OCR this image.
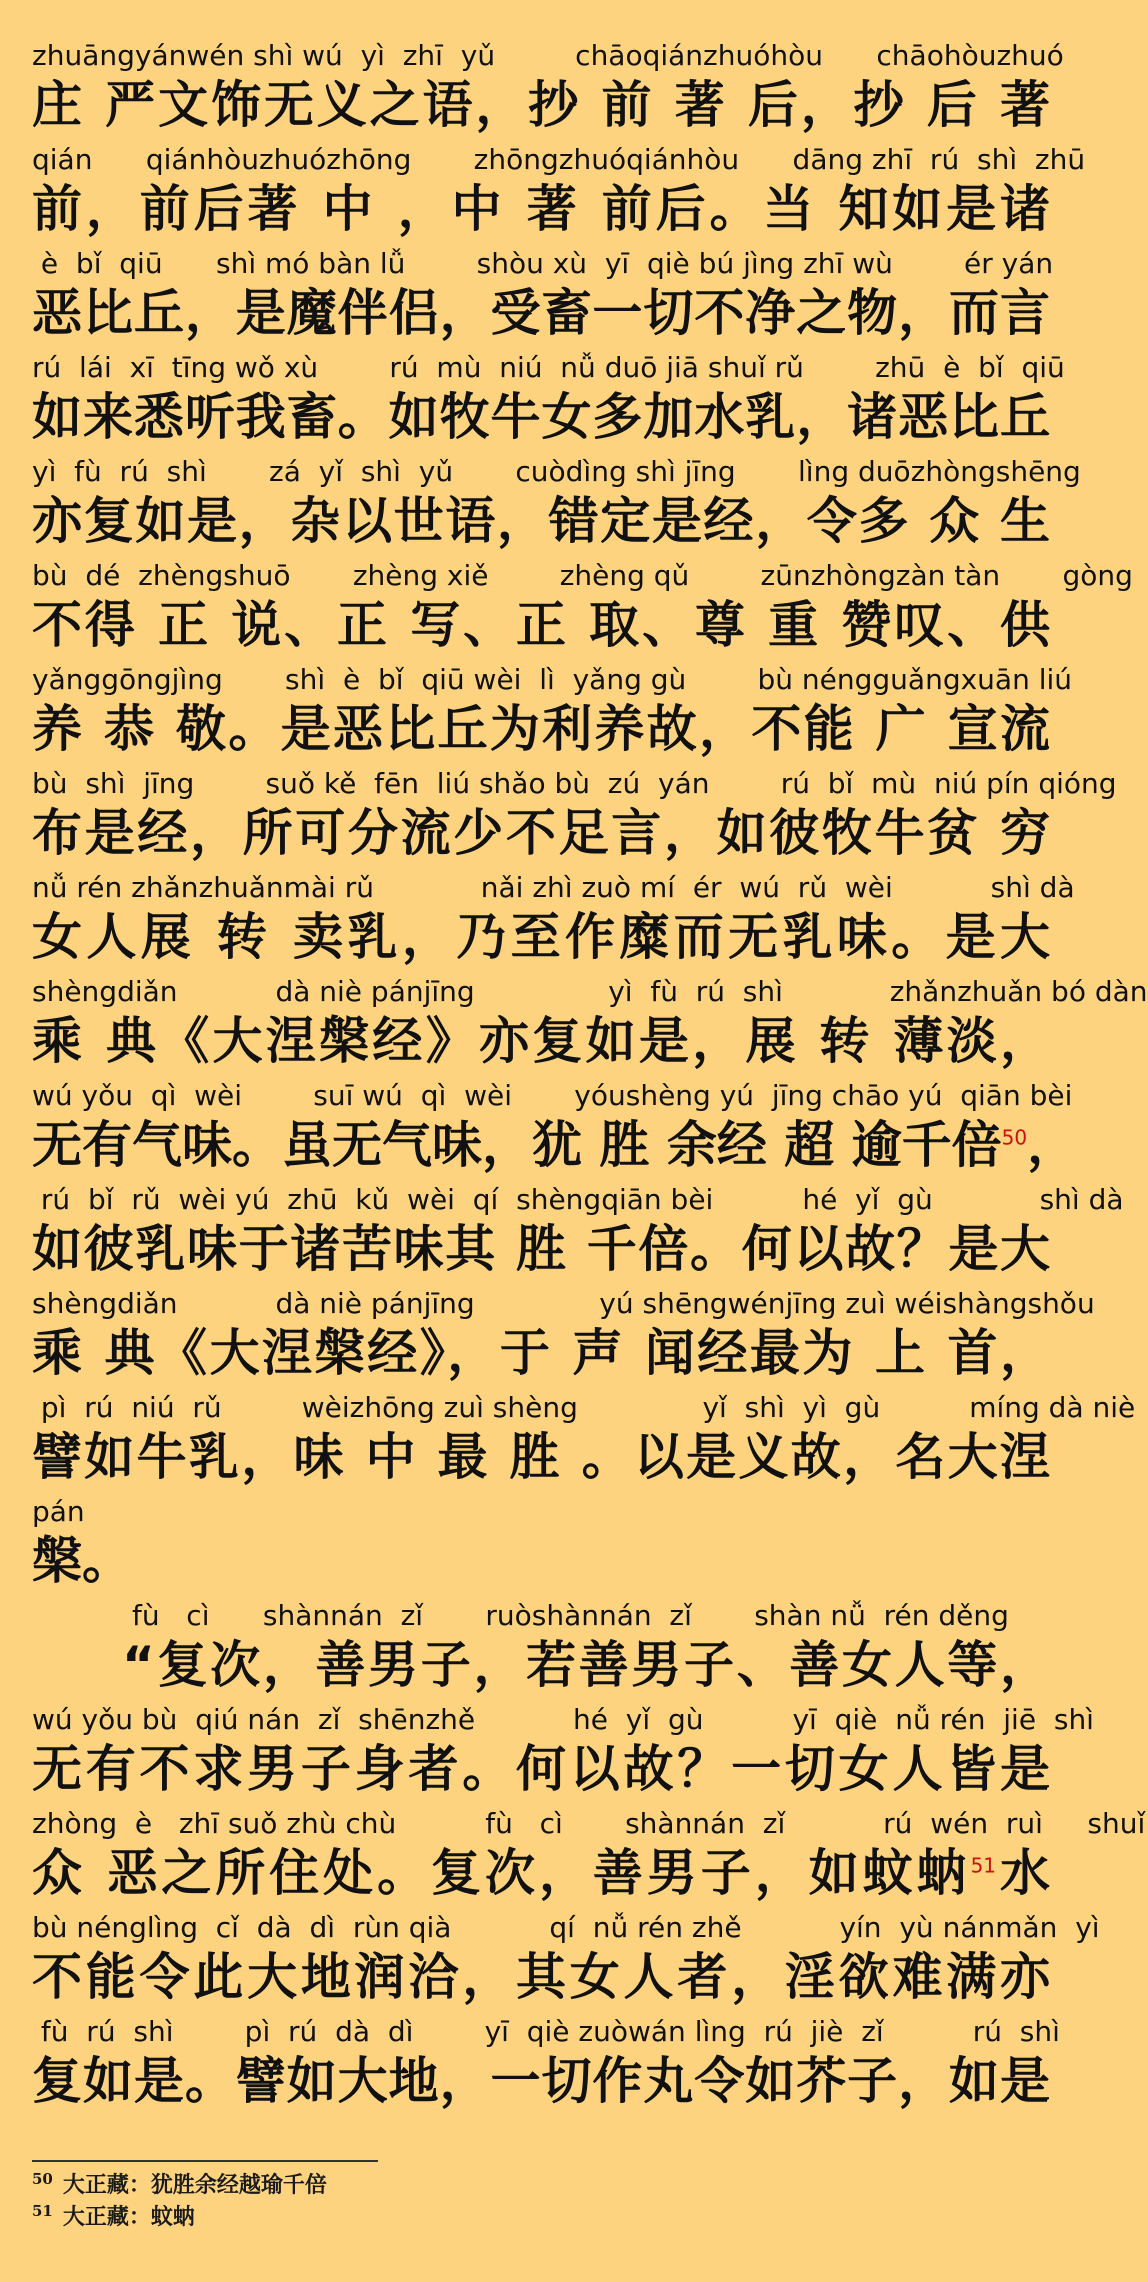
zhuāngyánwén shì wú  yì  zhī  yǔ         chāoqiánzhuóhòu      chāohòuzhuó
庄 严文饰无义之语，抄 前 著 后，抄 后 著
qián      qiánhòuzhuózhōng       zhōngzhuóqiánhòu      dāng zhī  rú  shì  zhū
前，前后著 中 ，中 著 前后。当 知如是诸
è  bǐ  qiū      shì mó bàn lǚ        shòu xù  yī  qiè bú jìng zhī wù        ér yán
恶比丘，是魔伴侣，受畜一切不净之物，而言
rú  lái  xī  tīng wǒ xù        rú  mù  niú  nǚ duō jiā shuǐ rǔ        zhū  è  bǐ  qiū
如来悉听我畜。如牧牛女多加水乳，诸恶比丘
yì  fù  rú  shì       zá  yǐ  shì  yǔ       cuòdìng shì jīng       lìng duōzhòngshēng
亦复如是，杂以世语，错定是经，令多 众 生
bù  dé  zhèngshuō       zhèng xiě        zhèng qǔ        zūnzhòngzàn tàn       gòng
不得 正 说、正 写、正 取、尊 重 赞叹、供
yǎnggōngjìng       shì  è  bǐ  qiū wèi  lì  yǎng gù        bù néngguǎngxuān liú
养 恭 敬。是恶比丘为利养故，不能 广 宣流
bù  shì  jīng        suǒ kě  fēn  liú shǎo bù  zú  yán        rú  bǐ  mù  niú pín qióng
布是经，所可分流少不足言，如彼牧牛贫 穷
nǚ rén zhǎnzhuǎnmài rǔ            nǎi zhì zuò mí  ér  wú  rǔ  wèi           shì dà
女人展 转 卖乳，乃至作糜而无乳味。是大
shèngdiǎn           dà niè pánjīng               yì  fù  rú  shì            zhǎnzhuǎn bó dàn
乘 典《大涅槃经》亦复如是，展 转 薄淡，
wú yǒu  qì  wèi        suī wú  qì  wèi       yóushèng yú  jīng chāo yú  qiān bèi
无有气味。虽无气味，犹 胜 余经 超 逾千倍$^{50}$，
rú  bǐ  rǔ  wèi yú  zhū  kǔ  wèi  qí  shèngqiān bèi          hé  yǐ  gù            shì dà
如彼乳味于诸苦味其 胜 千倍。何以故？是大
shèngdiǎn           dà niè pánjīng              yú shēngwénjīng zuì wéishàngshǒu
乘 典《大涅槃经》，于 声 闻经最为 上 首，
pì  rú  niú  rǔ         wèizhōng zuì shèng              yǐ  shì  yì  gù          míng dà niè
譬如牛乳，味 中 最 胜 。以是义故，名大涅
pán
槃。
fù   cì      shànnán  zǐ       ruòshànnán  zǐ       shàn nǚ  rén děng
“复次，善男子，若善男子、善女人等，
wú yǒu bù  qiú nán  zǐ  shēnzhě           hé  yǐ  gù          yī  qiè  nǚ rén  jiē  shì
无有不求男子身者。何以故？一切女人皆是
zhòng  è   zhī suǒ zhù chù          fù   cì       shànnán  zǐ           rú  wén  ruì     shuǐ
众 恶之所住处。复次，善男子，如蚊蚋$^{51}$水
bù nénglìng  cǐ  dà  dì  rùn qià           qí  nǚ rén zhě           yín  yù nánmǎn  yì
不能令此大地润洽，其女人者，淫欲难满亦
fù  rú  shì        pì  rú  dà  dì        yī  qiè zuòwán lìng  rú  jiè  zǐ          rú  shì
复如是。譬如大地，一切作丸令如芥子，如是
$^{50}$ 大正藏：犹胜余经越瑜千倍
$^{51}$ 大正藏：蚊蚋
